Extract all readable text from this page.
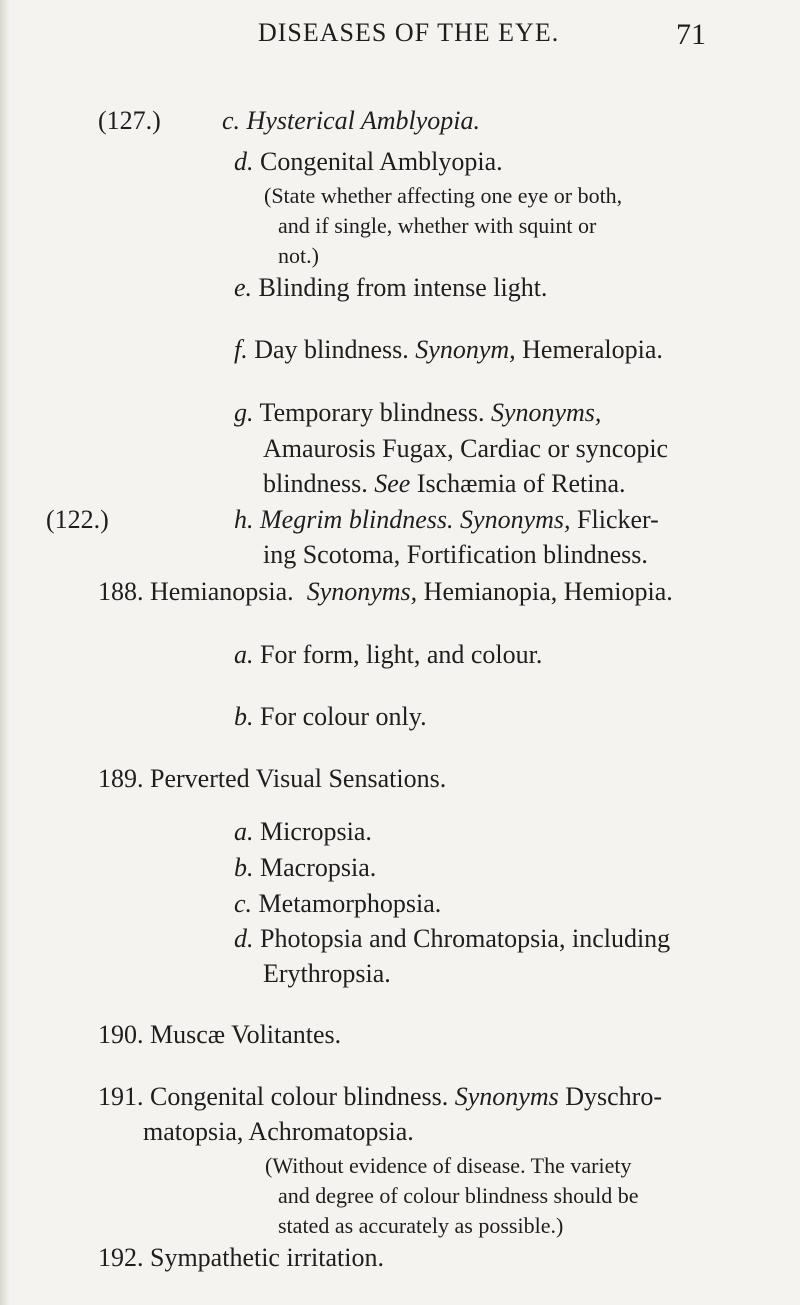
DISEASES OF THE EYE.	71
(127.) c. Hysterical Amblyopia.
d. Congenital Amblyopia.
(State whether affecting one eye or both,
and if single, whether with squint or
not.)
e. Blinding from intense light.
f. Day blindness. Synonym, Hemeralopia.
g. Temporary blindness. Synonyms,
Amaurosis Fugax, Cardiac or syncopic
blindness. See Ischæmia of Retina.
(122.)	h. Megrim blindness. Synonyms, Flicker-
ing Scotoma, Fortification blindness.
188. Hemianopsia. Synonyms, Hemianopia, Hemiopia.
a. For form, light, and colour.
b. For colour only.
189. Perverted Visual Sensations.
a. Micropsia.
b. Macropsia.
c. Metamorphopsia.
d. Photopsia and Chromatopsia, including
Erythropsia.
190. Muscæ Volitantes.
191. Congenital colour blindness. Synonyms Dyschro-
matopsia, Achromatopsia.
(Without evidence of disease. The variety
and degree of colour blindness should be
stated as accurately as possible.)
192. Sympathetic irritation.
